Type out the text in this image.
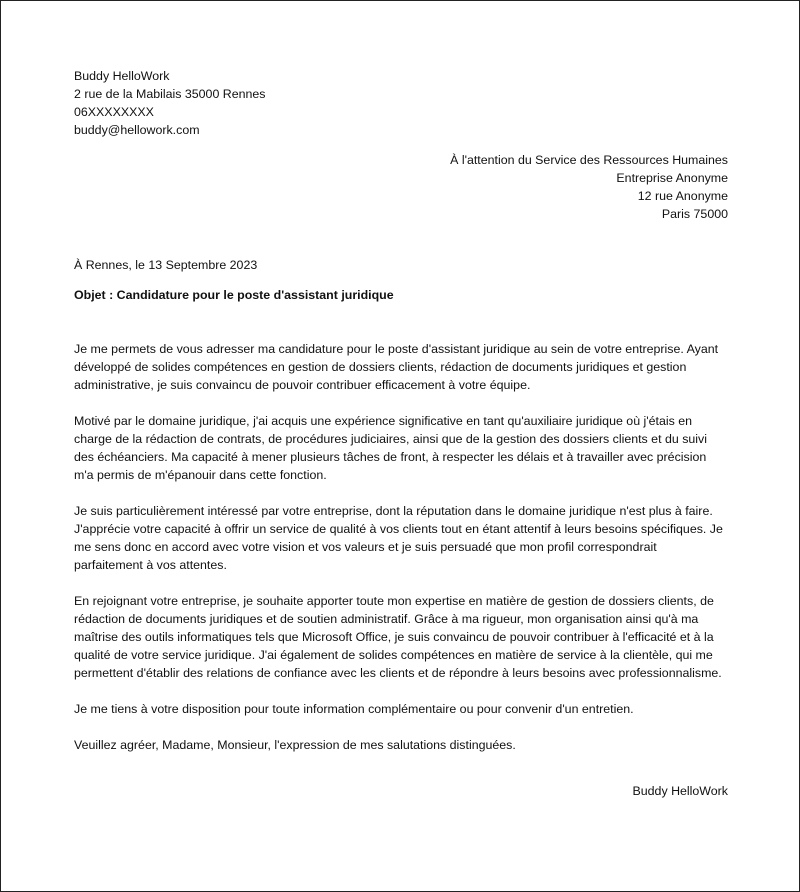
Buddy HelloWork
2 rue de la Mabilais 35000 Rennes
06XXXXXXXX
buddy@hellowork.com
À l'attention du Service des Ressources Humaines
Entreprise Anonyme
12 rue Anonyme
Paris 75000
À Rennes, le 13 Septembre 2023
Objet : Candidature pour le poste d'assistant juridique

Je me permets de vous adresser ma candidature pour le poste d'assistant juridique au sein de votre entreprise. Ayant développé de solides compétences en gestion de dossiers clients, rédaction de documents juridiques et gestion administrative, je suis convaincu de pouvoir contribuer efficacement à votre équipe.

Motivé par le domaine juridique, j'ai acquis une expérience significative en tant qu'auxiliaire juridique où j'étais en charge de la rédaction de contrats, de procédures judiciaires, ainsi que de la gestion des dossiers clients et du suivi des échéanciers. Ma capacité à mener plusieurs tâches de front, à respecter les délais et à travailler avec précision m'a permis de m'épanouir dans cette fonction.

Je suis particulièrement intéressé par votre entreprise, dont la réputation dans le domaine juridique n'est plus à faire. J'apprécie votre capacité à offrir un service de qualité à vos clients tout en étant attentif à leurs besoins spécifiques. Je me sens donc en accord avec votre vision et vos valeurs et je suis persuadé que mon profil correspondrait parfaitement à vos attentes.

En rejoignant votre entreprise, je souhaite apporter toute mon expertise en matière de gestion de dossiers clients, de rédaction de documents juridiques et de soutien administratif. Grâce à ma rigueur, mon organisation ainsi qu'à ma maîtrise des outils informatiques tels que Microsoft Office, je suis convaincu de pouvoir contribuer à l'efficacité et à la qualité de votre service juridique. J'ai également de solides compétences en matière de service à la clientèle, qui me permettent d'établir des relations de confiance avec les clients et de répondre à leurs besoins avec professionnalisme.

Je me tiens à votre disposition pour toute information complémentaire ou pour convenir d'un entretien.

Veuillez agréer, Madame, Monsieur, l'expression de mes salutations distinguées.

Buddy HelloWork
